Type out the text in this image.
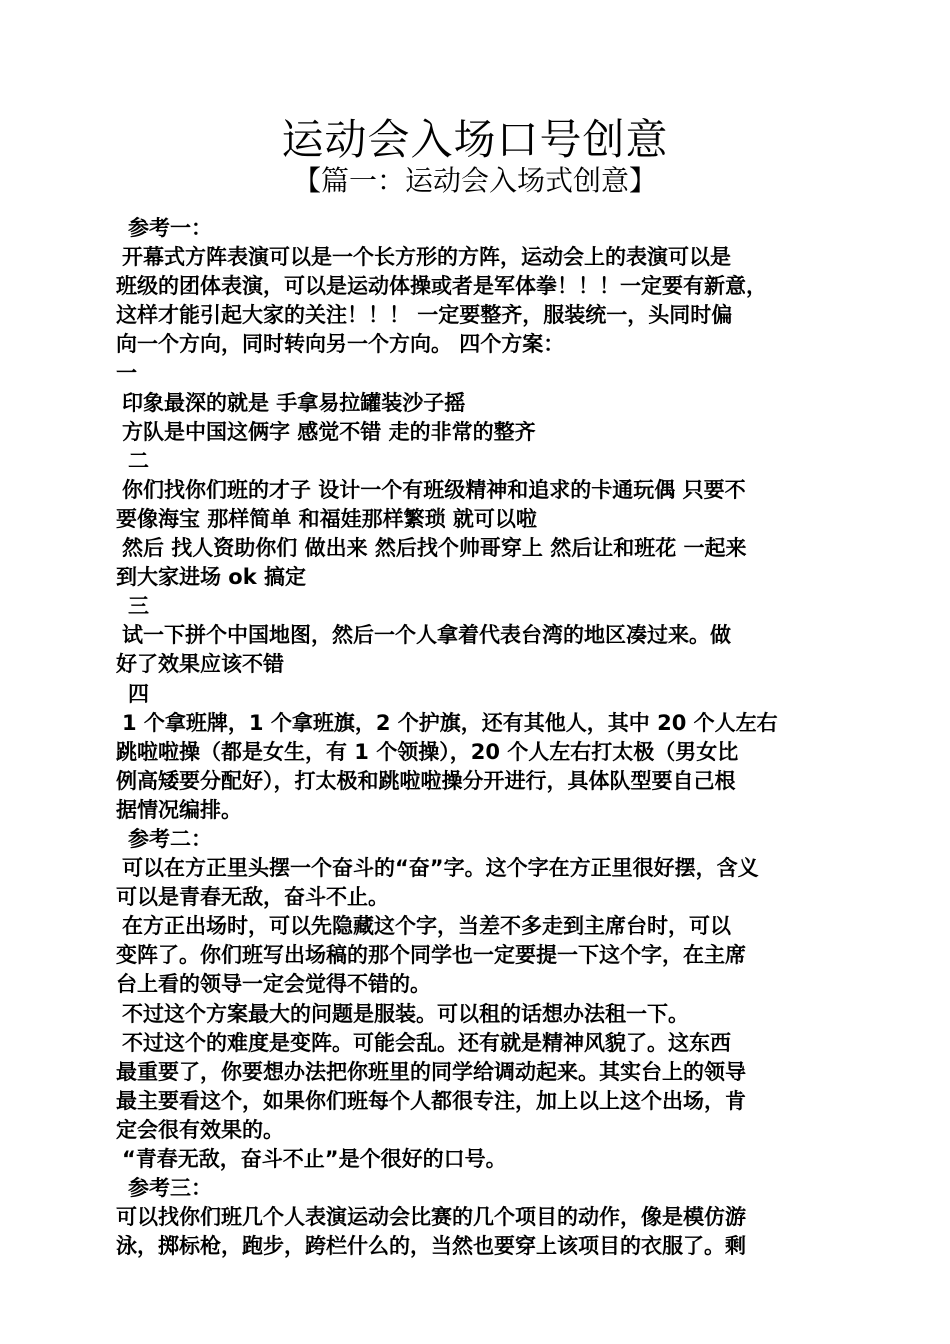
运动会入场口号创意
【篇一：运动会入场式创意】
参考一：
开幕式方阵表演可以是一个长方形的方阵，运动会上的表演可以是
班级的团体表演，可以是运动体操或者是军体拳！！！一定要有新意，
这样才能引起大家的关注！！！ 一定要整齐，服装统一，头同时偏
向一个方向，同时转向另一个方向。 四个方案：
一
印象最深的就是 手拿易拉罐装沙子摇
方队是中国这俩字 感觉不错 走的非常的整齐
二
你们找你们班的才子 设计一个有班级精神和追求的卡通玩偶 只要不
要像海宝 那样简单 和福娃那样繁琐 就可以啦
然后 找人资助你们 做出来 然后找个帅哥穿上 然后让和班花 一起来
到大家进场 ok 搞定
三
试一下拼个中国地图，然后一个人拿着代表台湾的地区凑过来。做
好了效果应该不错
四
1 个拿班牌，1 个拿班旗，2 个护旗，还有其他人，其中 20 个人左右
跳啦啦操（都是女生，有 1 个领操），20 个人左右打太极（男女比
例高矮要分配好），打太极和跳啦啦操分开进行，具体队型要自己根
据情况编排。
参考二：
可以在方正里头摆一个奋斗的“奋”字。这个字在方正里很好摆，含义
可以是青春无敌，奋斗不止。
在方正出场时，可以先隐藏这个字，当差不多走到主席台时，可以
变阵了。你们班写出场稿的那个同学也一定要提一下这个字，在主席
台上看的领导一定会觉得不错的。
不过这个方案最大的问题是服装。可以租的话想办法租一下。
不过这个的难度是变阵。可能会乱。还有就是精神风貌了。这东西
最重要了，你要想办法把你班里的同学给调动起来。其实台上的领导
最主要看这个，如果你们班每个人都很专注，加上以上这个出场，肯
定会很有效果的。
“青春无敌，奋斗不止”是个很好的口号。
参考三：
可以找你们班几个人表演运动会比赛的几个项目的动作，像是模仿游
泳，掷标枪，跑步，跨栏什么的，当然也要穿上该项目的衣服了。剩
